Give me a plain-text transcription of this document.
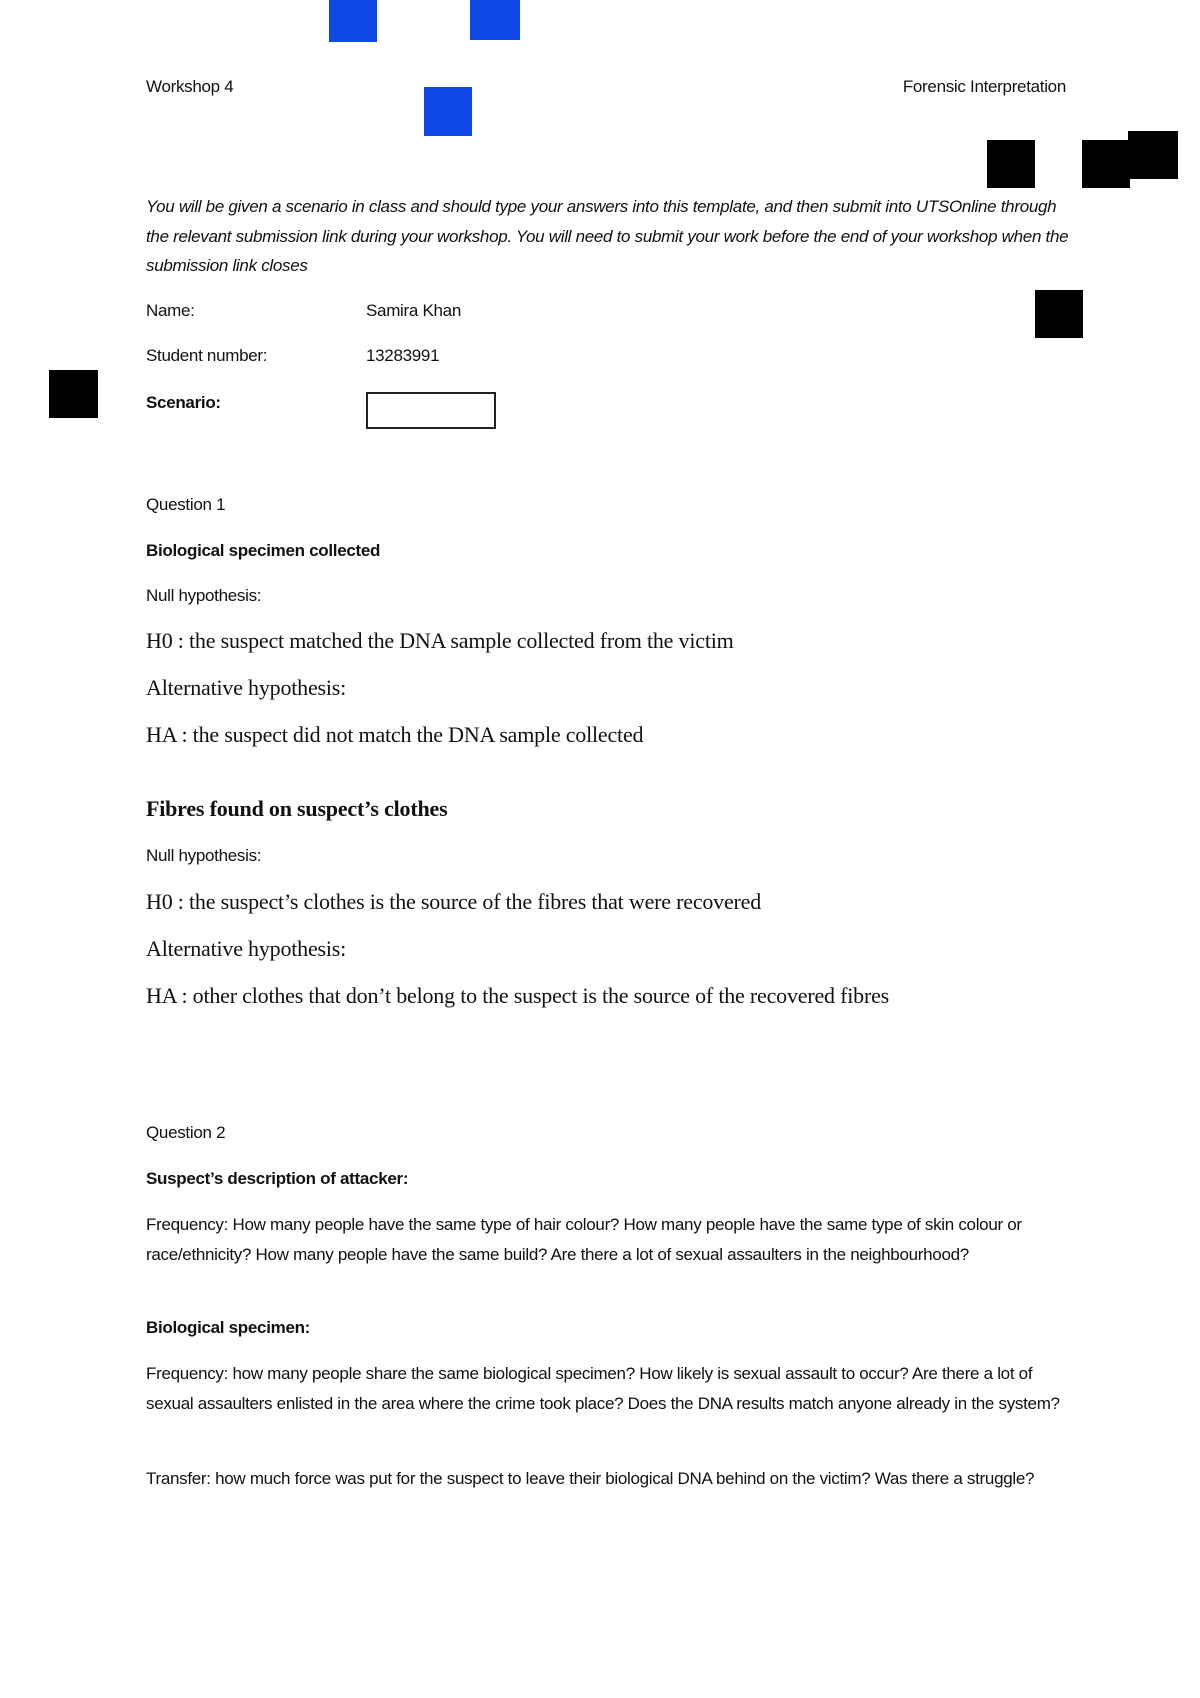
Workshop 4	Forensic Interpretation
You will be given a scenario in class and should type your answers into this template, and then submit into UTSOnline through the relevant submission link during your workshop. You will need to submit your work before the end of your workshop when the submission link closes
Name:	Samira Khan
Student number:	13283991
Scenario:
Question 1
Biological specimen collected
Null hypothesis:
H0 : the suspect matched the DNA sample collected from the victim
Alternative hypothesis:
HA : the suspect did not match the DNA sample collected
Fibres found on suspect’s clothes
Null hypothesis:
H0 : the suspect’s clothes is the source of the fibres that were recovered
Alternative hypothesis:
HA : other clothes that don’t belong to the suspect is the source of the recovered fibres
Question 2
Suspect’s description of attacker:
Frequency: How many people have the same type of hair colour? How many people have the same type of skin colour or race/ethnicity? How many people have the same build? Are there a lot of sexual assaulters in the neighbourhood?
Biological specimen:
Frequency: how many people share the same biological specimen? How likely is sexual assault to occur? Are there a lot of sexual assaulters enlisted in the area where the crime took place? Does the DNA results match anyone already in the system?
Transfer: how much force was put for the suspect to leave their biological DNA behind on the victim? Was there a struggle?
